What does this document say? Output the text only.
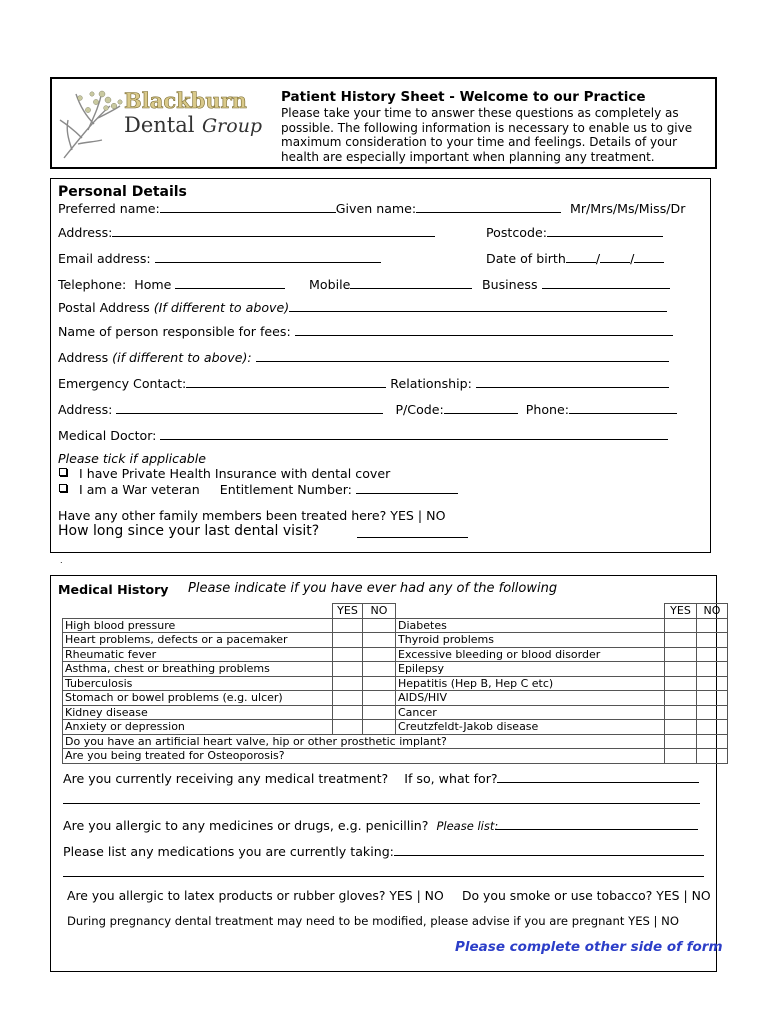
Blackburn
Dental Group
Patient History Sheet - Welcome to our Practice
Please take your time to answer these questions as completely as
possible. The following information is necessary to enable us to give
maximum consideration to your time and feelings. Details of your
health are especially important when planning any treatment.
Personal Details
Preferred name:	Given name:	Mr/Mrs/Ms/Miss/Dr
Address:	Postcode:
Email address:	Date of birth / /
Telephone: Home	Mobile	Business
Postal Address (If different to above)
Name of person responsible for fees:
Address (if different to above):
Emergency Contact:	Relationship:
Address:	P/Code:	Phone:
Medical Doctor:
Please tick if applicable
I have Private Health Insurance with dental cover
I am a War veteran Entitlement Number:
Have any other family members been treated here? YES | NO
How long since your last dental visit?
.
Medical History Please indicate if you have ever had any of the following
	YES	NO		YES	NO
High blood pressure			Diabetes		
Heart problems, defects or a pacemaker			Thyroid problems		
Rheumatic fever			Excessive bleeding or blood disorder		
Asthma, chest or breathing problems			Epilepsy		
Tuberculosis			Hepatitis (Hep B, Hep C etc)		
Stomach or bowel problems (e.g. ulcer)			AIDS/HIV		
Kidney disease			Cancer		
Anxiety or depression			Creutzfeldt-Jakob disease		
Do you have an artificial heart valve, hip or other prosthetic implant?					
Are you being treated for Osteoporosis?					
Are you currently receiving any medical treatment? If so, what for?
Are you allergic to any medicines or drugs, e.g. penicillin? Please list:
Please list any medications you are currently taking:
Are you allergic to latex products or rubber gloves? YES | NO Do you smoke or use tobacco? YES | NO
During pregnancy dental treatment may need to be modified, please advise if you are pregnant YES | NO
Please complete other side of form
